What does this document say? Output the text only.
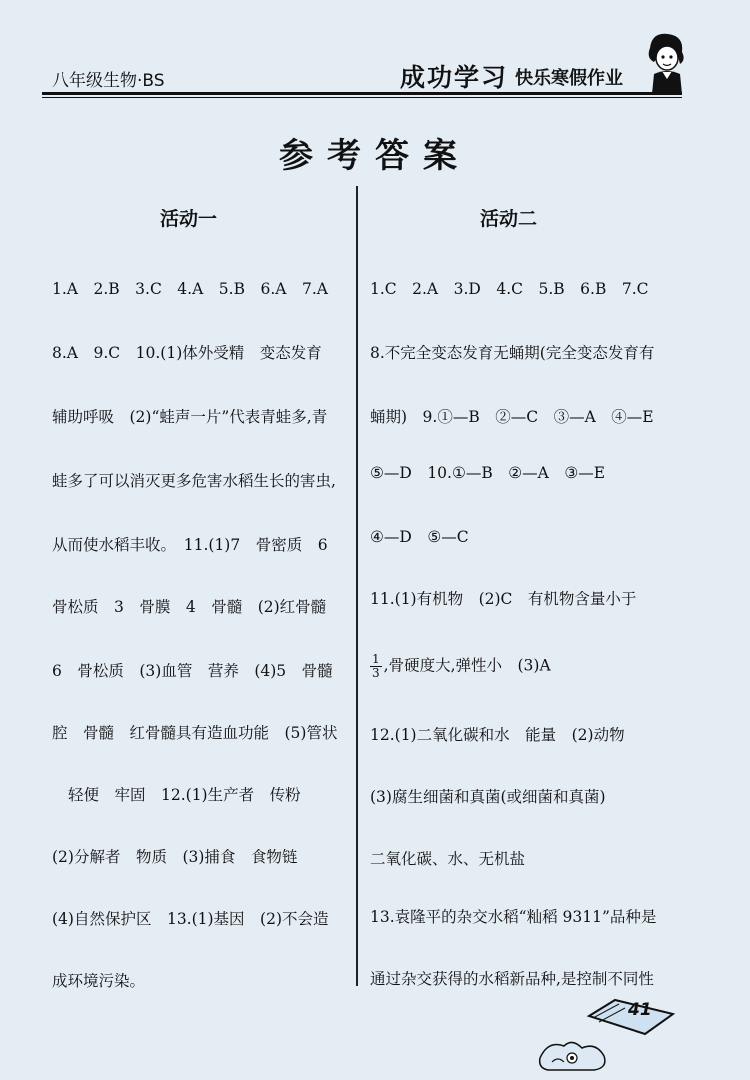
八年级生物·BS	成功学习 快乐寒假作业
参考答案
活动一
1.A　2.B　3.C　4.A　5.B　6.A　7.A
8.A　9.C　10.(1)体外受精　变态发育
辅助呼吸　(2)“蛙声一片”代表青蛙多,青
蛙多了可以消灭更多危害水稻生长的害虫,
从而使水稻丰收。　11.(1)7　骨密质　6
骨松质　3　骨膜　4　骨髓　(2)红骨髓
6　骨松质　(3)血管　营养　(4)5　骨髓
腔　骨髓　红骨髓具有造血功能　(5)管状
轻便　牢固　12.(1)生产者　传粉
(2)分解者　物质　(3)捕食　食物链
(4)自然保护区　13.(1)基因　(2)不会造
成环境污染。
活动二
1.C　2.A　3.D　4.C　5.B　6.B　7.C
8.不完全变态发育无蛹期(完全变态发育有
蛹期)　9.①—B　②—C　③—A　④—E
⑤—D　10.①—B　②—A　③—E
④—D　⑤—C
11.(1)有机物　(2)C　有机物含量小于
$\frac{1}{3}$ ,骨硬度大,弹性小　(3)A
12.(1)二氧化碳和水　能量　(2)动物
(3)腐生细菌和真菌(或细菌和真菌)
二氧化碳、水、无机盐
13.袁隆平的杂交水稻“籼稻 9311”品种是
通过杂交获得的水稻新品种,是控制不同性
41
